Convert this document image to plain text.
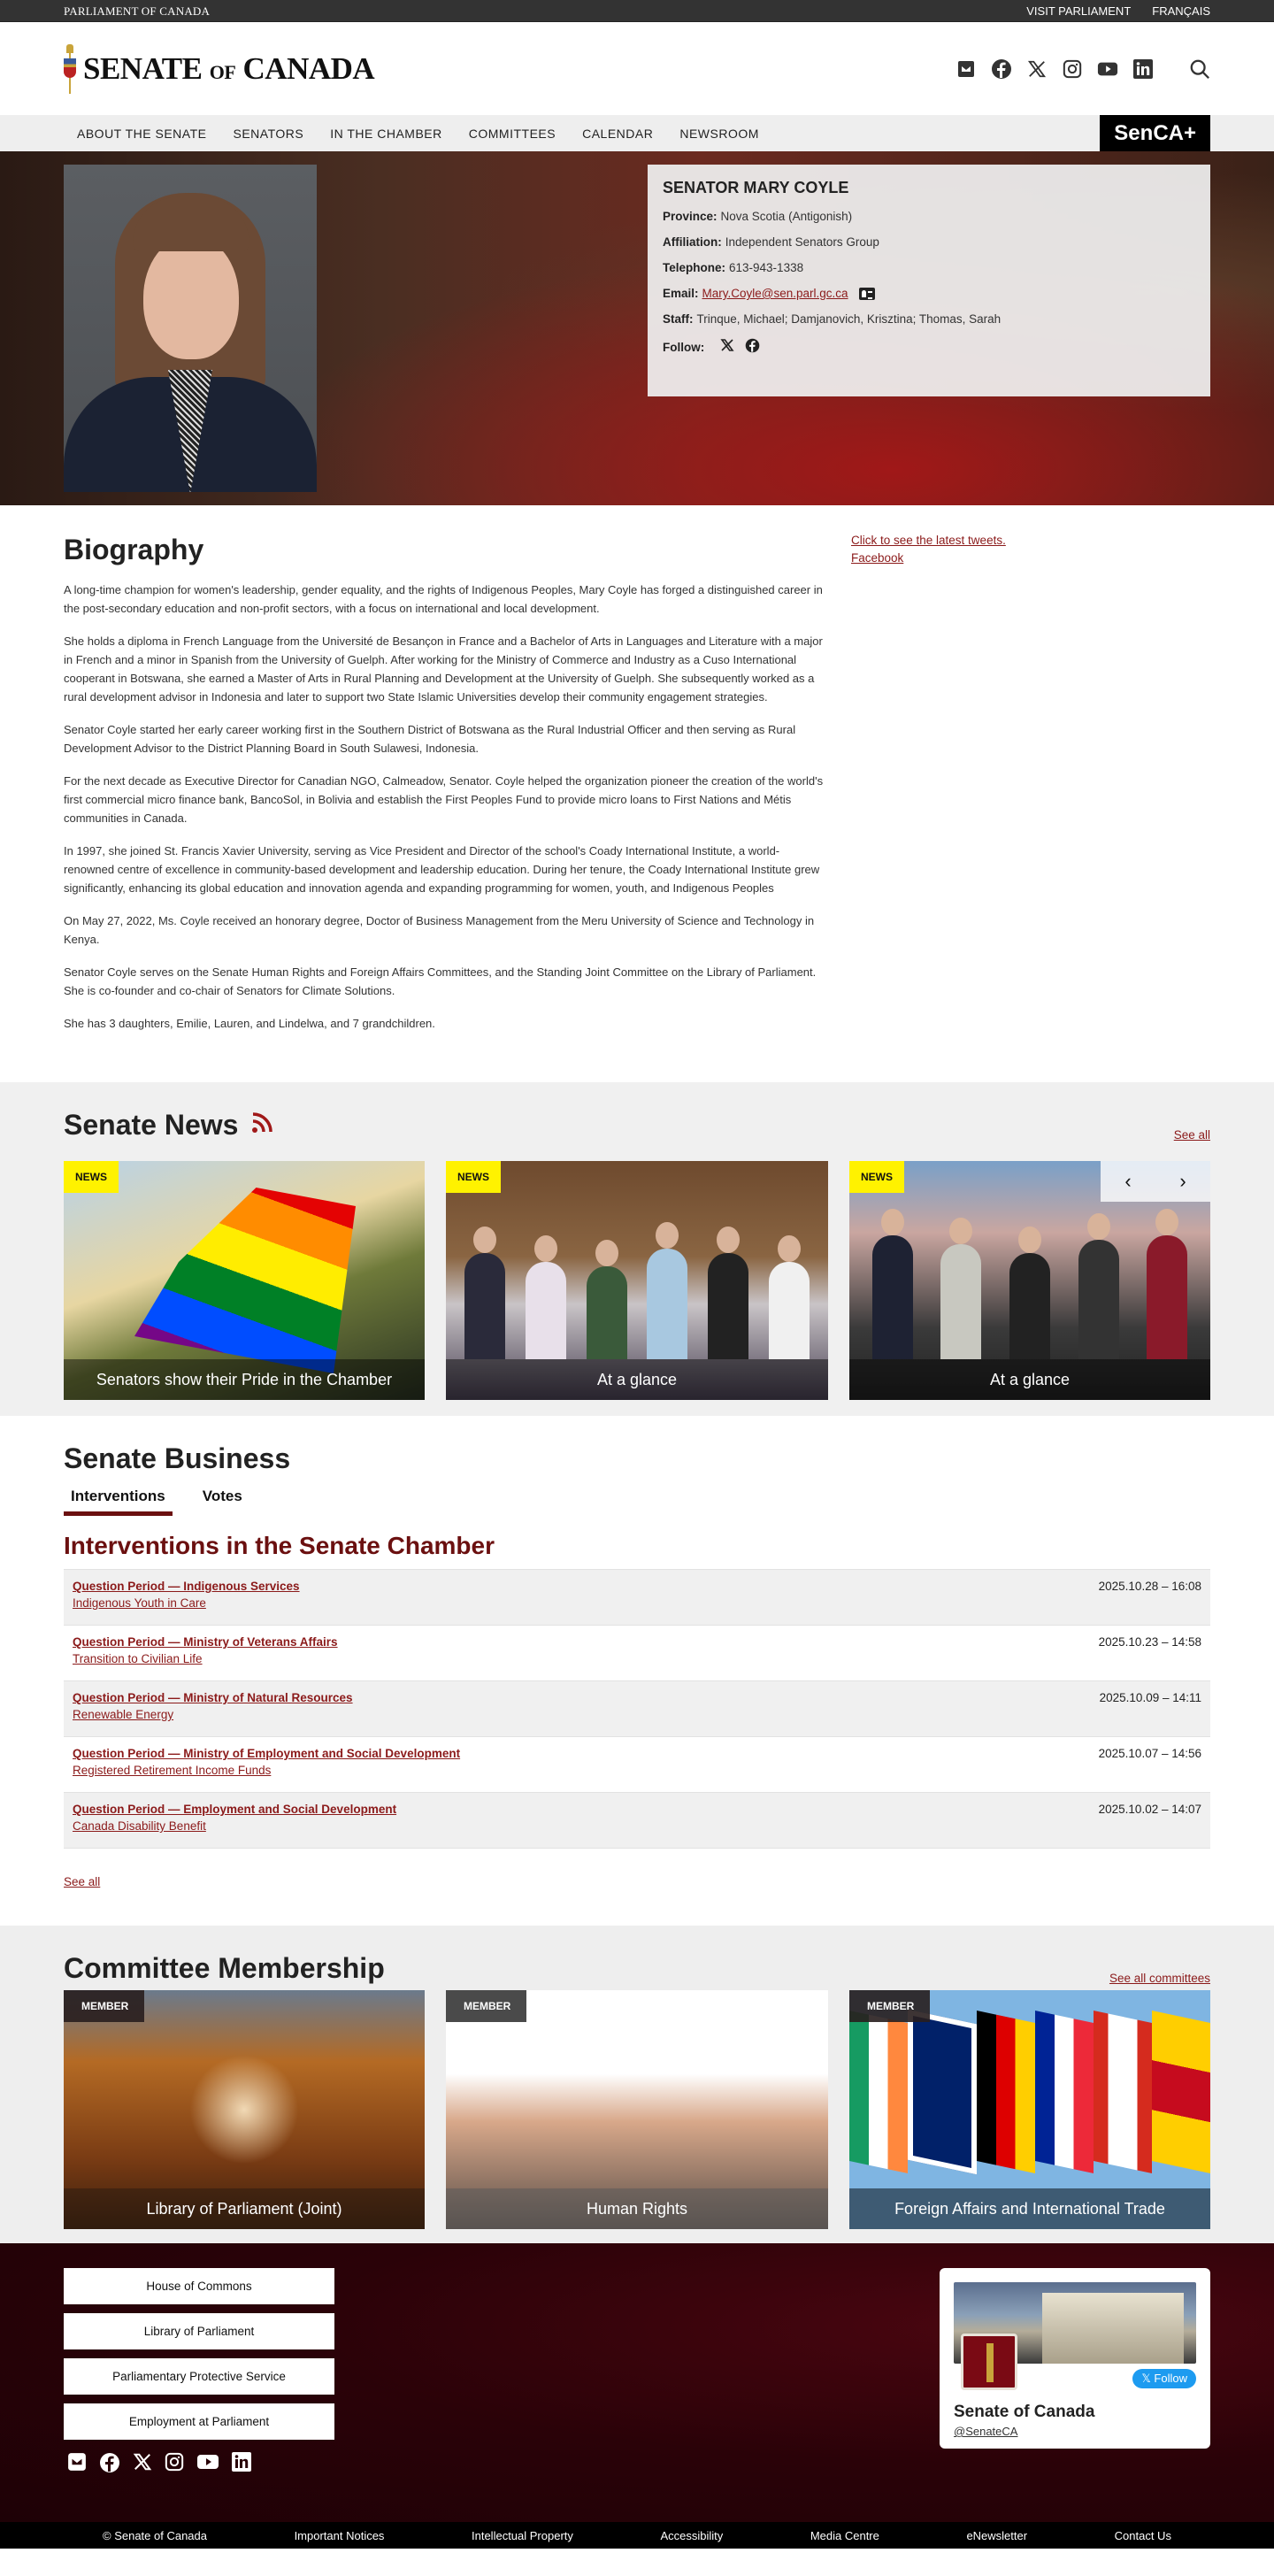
PARLIAMENT OF CANADA	VISIT PARLIAMENT FRANÇAIS
SENATE OF CANADA
ABOUT THE SENATE	SENATORS	IN THE CHAMBER	COMMITTEES	CALENDAR	NEWSROOM	SenCA+
SENATOR MARY COYLE
Province: Nova Scotia (Antigonish)
Affiliation: Independent Senators Group
Telephone: 613-943-1338
Email: Mary.Coyle@sen.parl.gc.ca
Staff: Trinque, Michael; Damjanovich, Krisztina; Thomas, Sarah
Follow:
Biography

A long-time champion for women's leadership, gender equality, and the rights of Indigenous Peoples, Mary Coyle has forged a distinguished career in the post-secondary education and non-profit sectors, with a focus on international and local development.

She holds a diploma in French Language from the Université de Besançon in France and a Bachelor of Arts in Languages and Literature with a major in French and a minor in Spanish from the University of Guelph. After working for the Ministry of Commerce and Industry as a Cuso International cooperant in Botswana, she earned a Master of Arts in Rural Planning and Development at the University of Guelph. She subsequently worked as a rural development advisor in Indonesia and later to support two State Islamic Universities develop their community engagement strategies.

Senator Coyle started her early career working first in the Southern District of Botswana as the Rural Industrial Officer and then serving as Rural Development Advisor to the District Planning Board in South Sulawesi, Indonesia.

For the next decade as Executive Director for Canadian NGO, Calmeadow, Senator. Coyle helped the organization pioneer the creation of the world's first commercial micro finance bank, BancoSol, in Bolivia and establish the First Peoples Fund to provide micro loans to First Nations and Métis communities in Canada.

In 1997, she joined St. Francis Xavier University, serving as Vice President and Director of the school's Coady International Institute, a world-renowned centre of excellence in community-based development and leadership education. During her tenure, the Coady International Institute grew significantly, enhancing its global education and innovation agenda and expanding programming for women, youth, and Indigenous Peoples

On May 27, 2022, Ms. Coyle received an honorary degree, Doctor of Business Management from the Meru University of Science and Technology in Kenya.

Senator Coyle serves on the Senate Human Rights and Foreign Affairs Committees, and the Standing Joint Committee on the Library of Parliament. She is co-founder and co-chair of Senators for Climate Solutions.

She has 3 daughters, Emilie, Lauren, and Lindelwa, and 7 grandchildren.

Click to see the latest tweets.
Facebook
Senate News	See all
NEWS
Senators show their Pride in the Chamber
NEWS
At a glance
NEWS	‹ ›
At a glance
Senate Business
Interventions	Votes
Interventions in the Senate Chamber
Question Period — Indigenous Services
Indigenous Youth in Care
2025.10.28 – 16:08
Question Period — Ministry of Veterans Affairs
Transition to Civilian Life
2025.10.23 – 14:58
Question Period — Ministry of Natural Resources
Renewable Energy
2025.10.09 – 14:11
Question Period — Ministry of Employment and Social Development
Registered Retirement Income Funds
2025.10.07 – 14:56
Question Period — Employment and Social Development
Canada Disability Benefit
2025.10.02 – 14:07
See all
Committee Membership	See all committees
MEMBER
Library of Parliament (Joint)
MEMBER
Human Rights
MEMBER
Foreign Affairs and International Trade
House of Commons
Library of Parliament
Parliamentary Protective Service
Employment at Parliament
𝕏 Follow
Senate of Canada
@SenateCA
© Senate of Canada	Important Notices	Intellectual Property	Accessibility	Media Centre	eNewsletter	Contact Us
